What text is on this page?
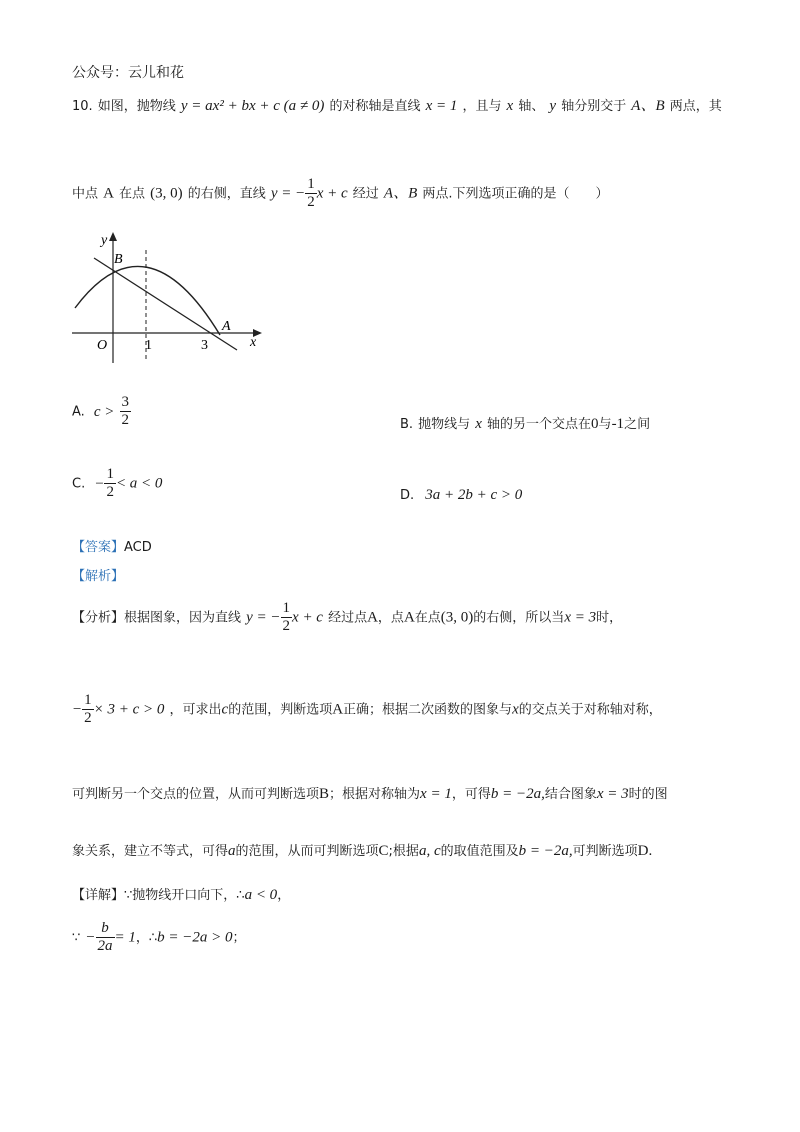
公众号：云儿和花
10. 如图，抛物线 y = ax² + bx + c (a ≠ 0) 的对称轴是直线 x = 1 ，且与 x 轴、 y 轴分别交于 A、B 两点，其
中点 A 在点 (3, 0) 的右侧，直线 y = − $\frac{1}{2}$ x + c 经过 A、B 两点.下列选项正确的是（　　）
y
x
O	1	3
B
A
A. $c > \frac{3}{2}$	B. 抛物线与 x 轴的另一个交点在0与-1之间
C. − $\frac{1}{2} < a < 0$
D. 3a + 2b + c > 0
【答案】ACD
【解析】
【分析】根据图象，因为直线 y = − $\frac{1}{2}$ x + c 经过点A，点A在点(3, 0)的右侧，所以当x = 3时，
− $\frac{1}{2} \times 3 + c > 0$ ，可求出c的范围，判断选项A正确；根据二次函数的图象与x的交点关于对称轴对称，
可判断另一个交点的位置，从而可判断选项B；根据对称轴为x = 1，可得b = −2a,结合图象x = 3时的图
象关系，建立不等式，可得a的范围，从而可判断选项C;根据a, c的取值范围及b = −2a,可判断选项D.
【详解】∵抛物线开口向下，∴a < 0，
∵ − $\frac{b}{2a} = 1$，∴b = −2a > 0；
